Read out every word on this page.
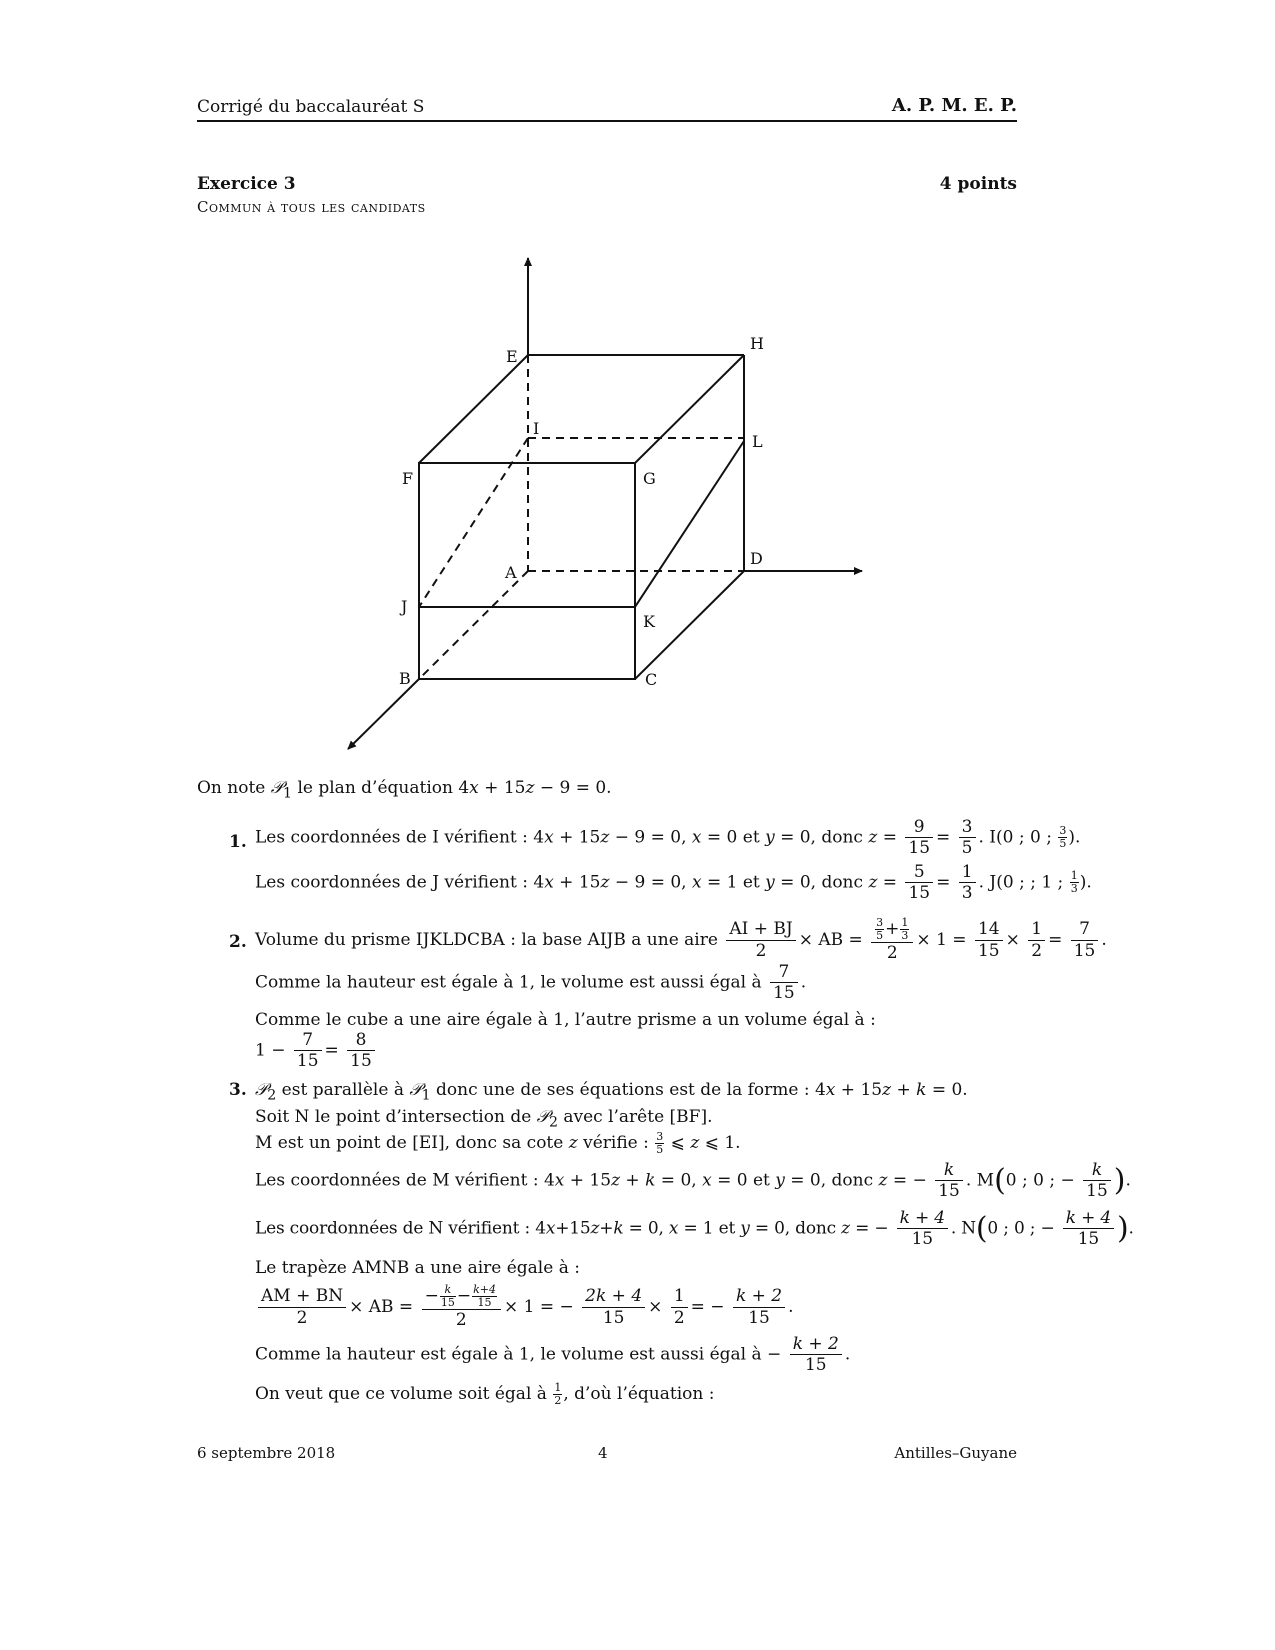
Corrigé du baccalauréat S	A. P. M. E. P.
Exercice 3	4 points
Commun à tous les candidats
E
H
I
L
F	G
A
D
J
K
B	C
On note 𝒫$_1$ le plan d’équation 4x + 15z − 9 = 0.
1. Les coordonnées de I vérifient : 4x + 15z − 9 = 0, x = 0 et y = 0, donc $z = \frac{9}{15} = \frac{3}{5}$ . I(0 ; 0 ; $\frac{3}{5}$ ).
Les coordonnées de J vérifient : 4x + 15z − 9 = 0, x = 1 et y = 0, donc $z = \frac{5}{15} = \frac{1}{3}$ . J(0 ; ; 1 ; $\frac{1}{3}$ ).
2. Volume du prisme IJKLDCBA : la base AIJB a une aire $\frac{AI + BJ}{2}$ × AB = $\frac{\frac{3}{5} + \frac{1}{3}}{2} \times 1 = \frac{14}{15} \times \frac{1}{2} = \frac{7}{15}$ .
Comme la hauteur est égale à 1, le volume est aussi égal à $\frac{7}{15}$ .
Comme le cube a une aire égale à 1, l’autre prisme a un volume égal à :
$1 - \frac{7}{15} = \frac{8}{15}$
3. 𝒫$_2$ est parallèle à 𝒫$_1$ donc une de ses équations est de la forme : 4x + 15z + k = 0.
Soit N le point d’intersection de 𝒫$_2$ avec l’arête [BF].
M est un point de [EI], donc sa cote z vérifie : $\frac{3}{5}$ ⩽ z ⩽ 1.
Les coordonnées de M vérifient : 4x + 15z + k = 0, x = 0 et y = 0, donc z = − $\frac{k}{15}$ . M(0 ; 0 ; − $\frac{k}{15}$ ).
Les coordonnées de N vérifient : 4x+15z+k = 0, x = 1 et y = 0, donc z = − $\frac{k + 4}{15}$ . N(0 ; 0 ; − $\frac{k + 4}{15}$ ).
Le trapèze AMNB a une aire égale à :
$\frac{AM + BN}{2}$ × AB = $\frac{- \frac{k}{15} - \frac{k+4}{15}}{2} \times 1$ = − $\frac{2k + 4}{15} \times \frac{1}{2}$ = − $\frac{k + 2}{15}$ .
Comme la hauteur est égale à 1, le volume est aussi égal à − $\frac{k + 2}{15}$ .
On veut que ce volume soit égal à $\frac{1}{2}$ , d’où l’équation :
6 septembre 2018	4	Antilles–Guyane
